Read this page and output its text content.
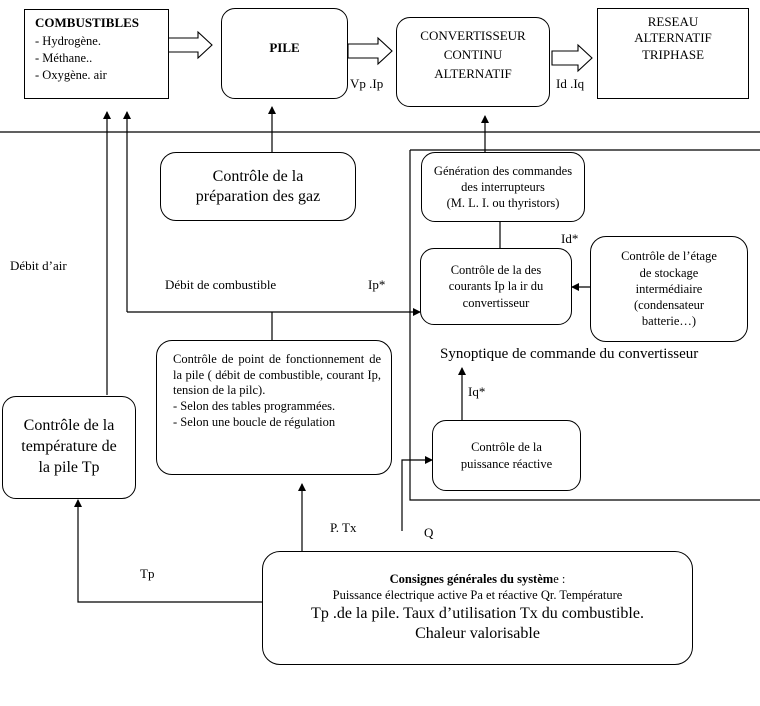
COMBUSTIBLES
- Hydrogène.
- Méthane..
- Oxygène. air
PILE
CONVERTISSEUR
CONTINU
ALTERNATIF
RESEAU
ALTERNATIF
TRIPHASE
Vp .Ip	Id .Iq
Débit d’air
Débit de combustible	Ip*
Id*
Iq*
P. Tx	Q
Tp
Contrôle de la
préparation des gaz
Génération des commandes
des interrupteurs
(M. L. I. ou thyristors)
Contrôle de la des
courants Ip la ir du
convertisseur
Contrôle de l’étage
de stockage
intermédiaire
(condensateur
batterie…)
Synoptique de commande du convertisseur
Contrôle de point de fonctionnement de la pile ( débit de combustible, courant Ip, tension de la pilc).
- Selon des tables programmées.
- Selon une boucle de régulation
Contrôle de la
température de
la pile Tp
Contrôle de la
puissance réactive
Consignes générales du système :
Puissance électrique active Pa et réactive Qr. Température
Tp .de la pile. Taux d’utilisation Tx du combustible.
Chaleur valorisable
